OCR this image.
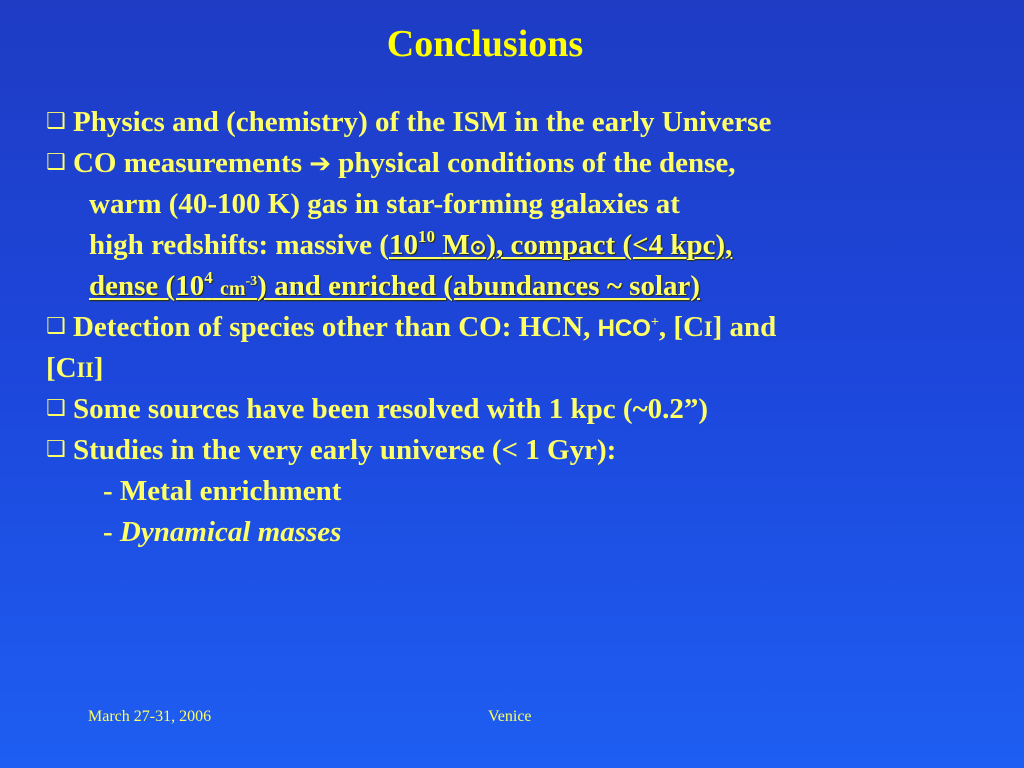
Conclusions
❑ Physics and (chemistry) of the ISM in the early Universe
❑ CO measurements ➔ physical conditions of the dense,
warm (40-100 K) gas in star-forming galaxies at
high redshifts: massive ($10^{10}$ M⊙), compact (<4 kpc),
dense ($10^4$ $cm^{-3}$) and enriched (abundances ~ solar)
❑ Detection of species other than CO: HCN, HCO+, [CI] and
[CII]
❑ Some sources have been resolved with 1 kpc (~0.2”)
❑ Studies in the very early universe (< 1 Gyr):
- Metal enrichment
- Dynamical masses
March 27-31, 2006	Venice
